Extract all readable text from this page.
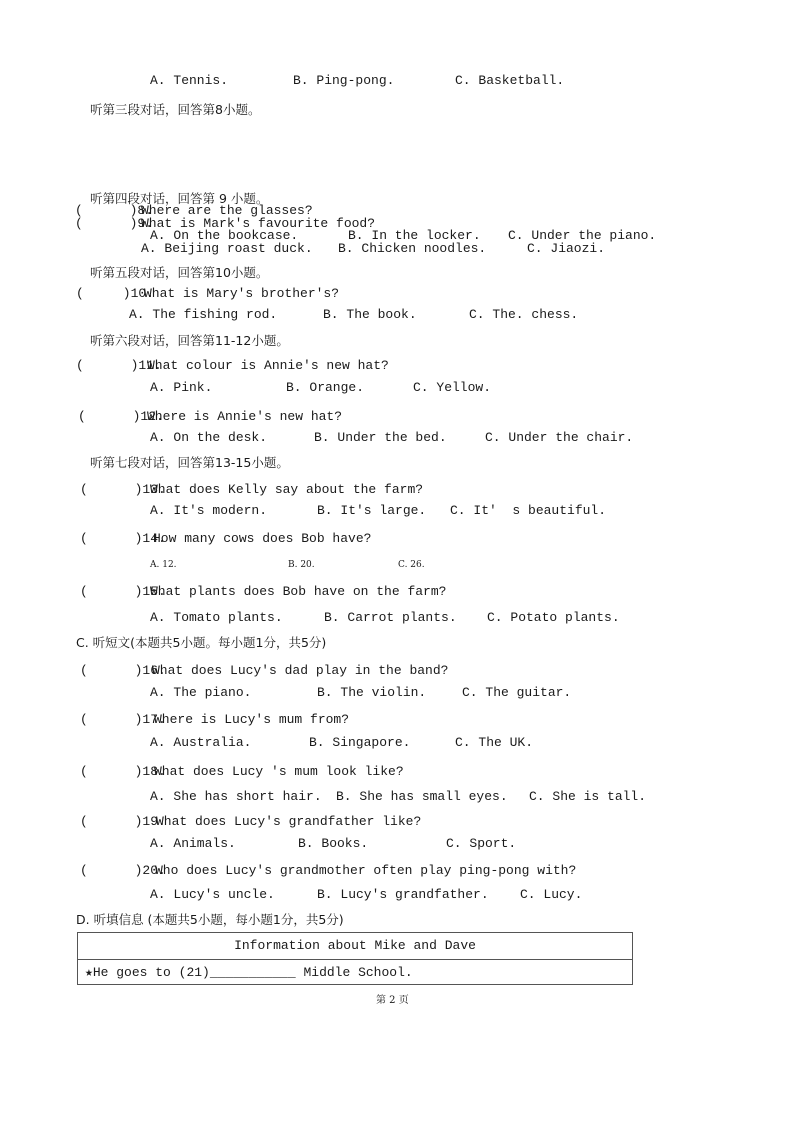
A. Tennis.	B. Ping-pong.	C. Basketball.
听第三段对话，回答第8小题。
听第四段对话，回答第 9 小题。
(      )8.
Where are the glasses?
(      )9.
What is Mark's favourite food?
A. On the bookcase.	B. In the locker. C. Under the piano.
A. Beijing roast duck. B. Chicken noodles.	C. Jiaozi.
听第五段对话，回答第10小题。
(     )10.
What is Mary's brother's?
A. The fishing rod.	B. The book.	C. The. chess.
听第六段对话，回答第11-12小题。
(      )11.
What colour is Annie's new hat?
A. Pink.	B. Orange.	C. Yellow.
(      )12.
Where is Annie's new hat?
A. On the desk.	B. Under the bed.	C. Under the chair.
听第七段对话，回答第13-15小题。
(      )13.
What does Kelly say about the farm?
A. It's modern.	B. It's large. C. It'  s beautiful.
(      )14.
How many cows does Bob have?
A. 12.	B. 20.	C. 26.
(      )15.
What plants does Bob have on the farm?
A. Tomato plants.	B. Carrot plants. C. Potato plants.
C. 听短文(本题共5小题。每小题1分，共5分)
(      )16.
What does Lucy's dad play in the band?
A. The piano.	B. The violin.	C. The guitar.
(      )17.
Where is Lucy's mum from?
A. Australia.	B. Singapore.	C. The UK.
(      )18.
What does Lucy 's mum look like?
A. She has short hair. B. She has small eyes. C. She is tall.
(      )19.
What does Lucy's grandfather like?
A. Animals.	B. Books.	C. Sport.
(      )20.
Who does Lucy's grandmother often play ping-pong with?
A. Lucy's uncle.	B. Lucy's grandfather. C. Lucy.
D. 听填信息 (本题共5小题，每小题1分，共5分)
Information about Mike and Dave
★He goes to (21)___________ Middle School.
第 2 页
